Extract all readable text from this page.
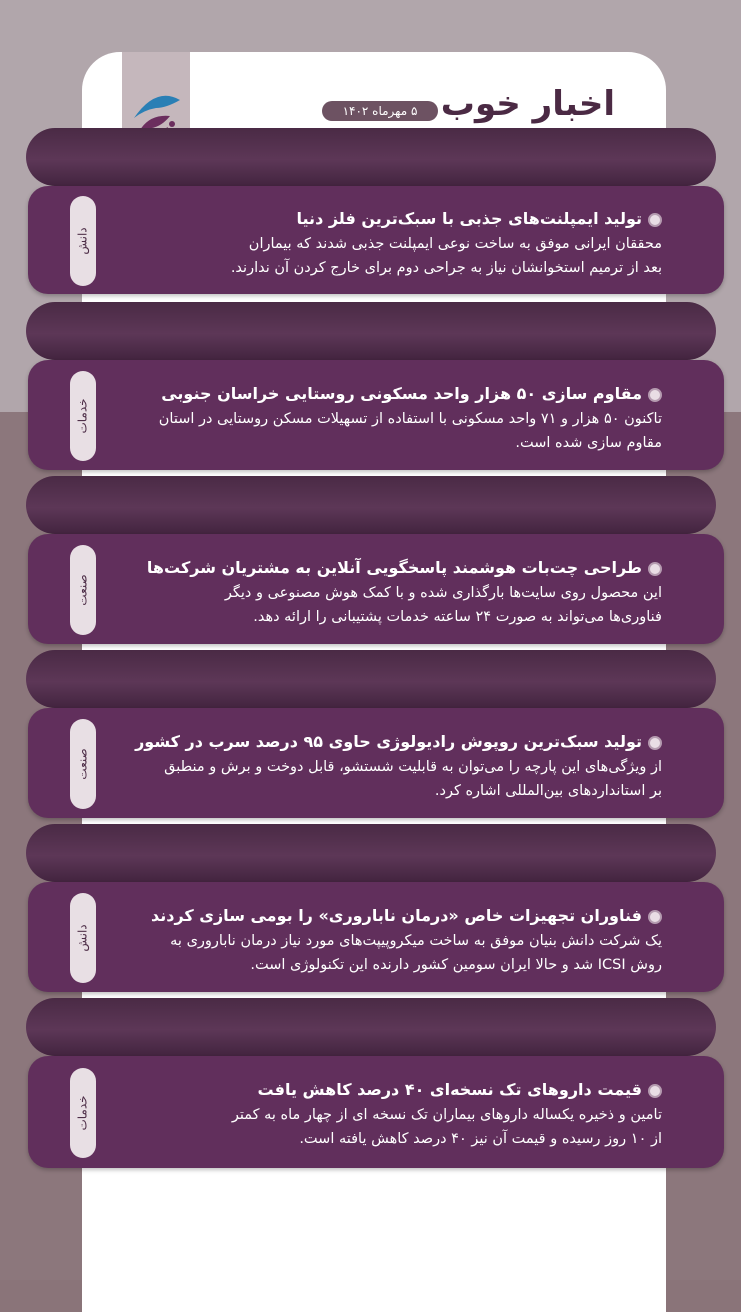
اخبار خوب
۵ مهرماه ۱۴۰۲

دانش
تولید ایمپلنت‌های جذبی با سبک‌ترین فلز دنیا
محققان ایرانی موفق به ساخت نوعی ایمپلنت جذبی شدند که بیماران
بعد از ترمیم استخوانشان نیاز به جراحی دوم برای خارج کردن آن ندارند.
خدمات
مقاوم سازی ۵۰ هزار واحد مسکونی روستایی خراسان جنوبی
تاکنون ۵۰ هزار و ۷۱ واحد مسکونی با استفاده از تسهیلات مسکن روستایی در استان
مقاوم سازی شده است.
صنعت
طراحی چت‌بات هوشمند پاسخگویی آنلاین به مشتریان شرکت‌ها
این محصول روی سایت‌ها بارگذاری شده و با کمک هوش مصنوعی و دیگر
فناوری‌ها می‌تواند به صورت ۲۴ ساعته خدمات پشتیبانی را ارائه دهد.
صنعت
تولید سبک‌ترین روپوش رادیولوژی حاوی ۹۵ درصد سرب در کشور
از ویژگی‌های این پارچه را می‌توان به قابلیت شستشو، قابل دوخت و برش و منطبق
بر استانداردهای بین‌المللی اشاره کرد.
دانش
فناوران تجهیزات خاص «درمان ناباروری» را بومی سازی کردند
یک شرکت دانش بنیان موفق به ساخت میکروپیپت‌های مورد نیاز درمان ناباروری به
روش ICSI شد و حالا ایران سومین کشور دارنده این تکنولوژی است.
خدمات
قیمت داروهای تک نسخه‌ای ۴۰ درصد کاهش یافت
تامین و ذخیره یکساله داروهای بیماران تک نسخه ای از چهار ماه به کمتر
از ۱۰ روز رسیده و قیمت آن نیز ۴۰ درصد کاهش یافته است.
